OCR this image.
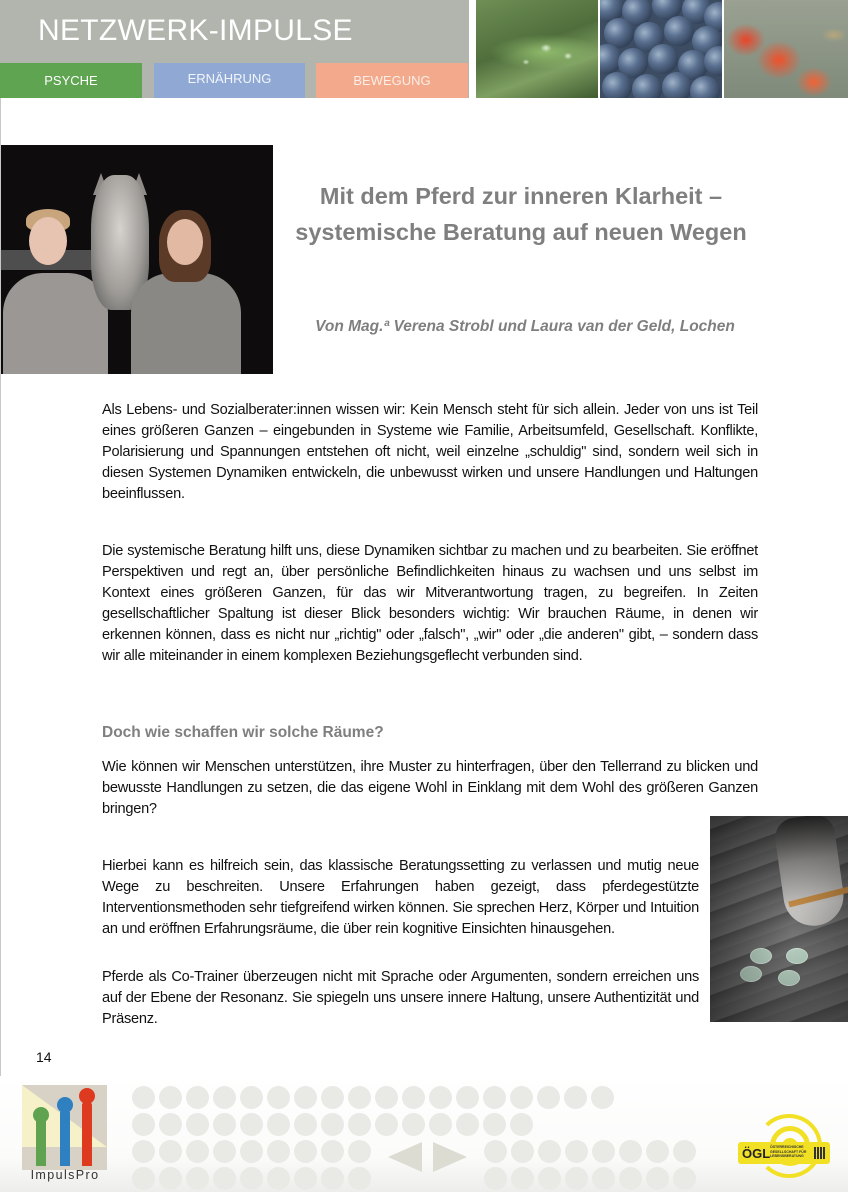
NETZWERK-IMPULSE
PSYCHE	ERNÄHRUNG	BEWEGUNG
Mit dem Pferd zur inneren Klarheit – systemische Beratung auf neuen Wegen
Von Mag.ª Verena Strobl und Laura van der Geld, Lochen

Als Lebens- und Sozialberater:innen wissen wir: Kein Mensch steht für sich allein. Jeder von uns ist Teil eines größeren Ganzen – eingebunden in Systeme wie Familie, Arbeitsumfeld, Gesellschaft. Konflikte, Polarisierung und Spannungen entstehen oft nicht, weil einzelne „schuldig" sind, sondern weil sich in diesen Systemen Dynamiken entwickeln, die unbewusst wirken und unsere Handlungen und Haltungen beeinflussen.

Die systemische Beratung hilft uns, diese Dynamiken sichtbar zu machen und zu bearbeiten. Sie eröffnet Perspektiven und regt an, über persönliche Befindlichkeiten hinaus zu wachsen und uns selbst im Kontext eines größeren Ganzen, für das wir Mitverantwortung tragen, zu begreifen. In Zeiten gesellschaftlicher Spaltung ist dieser Blick besonders wichtig: Wir brauchen Räume, in denen wir erkennen können, dass es nicht nur „richtig" oder „falsch", „wir" oder „die anderen" gibt, – sondern dass wir alle miteinander in einem komplexen Beziehungsgeflecht verbunden sind.

Doch wie schaffen wir solche Räume?

Wie können wir Menschen unterstützen, ihre Muster zu hinterfragen, über den Tellerrand zu blicken und bewusste Handlungen zu setzen, die das eigene Wohl in Einklang mit dem Wohl des größeren Ganzen bringen?

Hierbei kann es hilfreich sein, das klassische Beratungssetting zu verlassen und mutig neue Wege zu beschreiten. Unsere Erfahrungen haben gezeigt, dass pferdegestützte Interventionsmethoden sehr tiefgreifend wirken können. Sie sprechen Herz, Körper und Intuition an und eröffnen Erfahrungsräume, die über rein kognitive Einsichten hinausgehen.

Pferde als Co-Trainer überzeugen nicht mit Sprache oder Argumenten, sondern erreichen uns auf der Ebene der Resonanz. Sie spiegeln uns unsere innere Haltung, unsere Authentizität und Präsenz.

14
ImpulsPro
ÖGL ÖSTERREICHISCHE GESELLSCHAFT FÜR LEBENSBERATUNG
